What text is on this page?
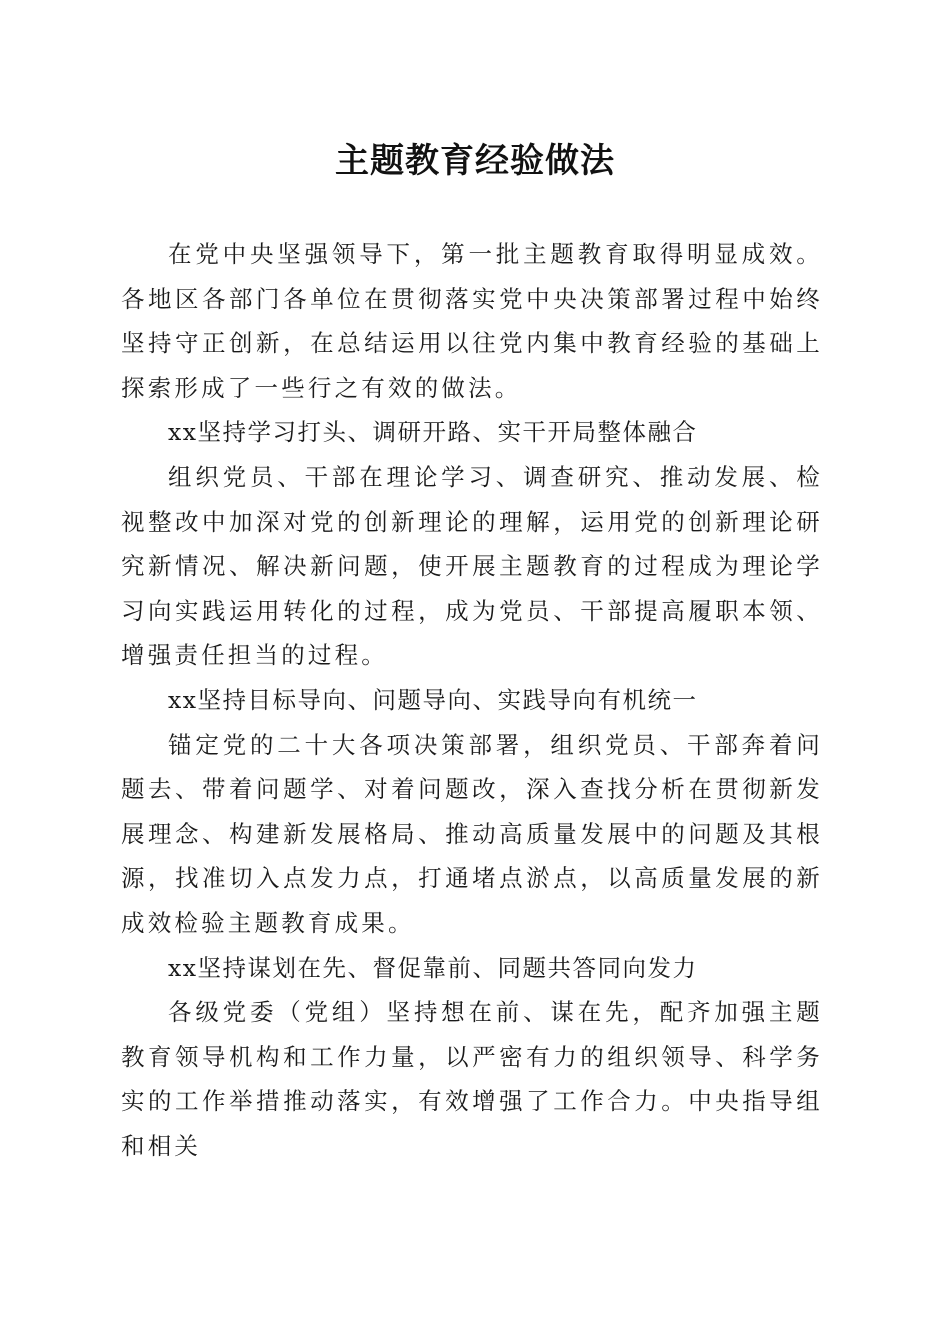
主题教育经验做法

在党中央坚强领导下，第一批主题教育取得明显成效。各地区各部门各单位在贯彻落实党中央决策部署过程中始终坚持守正创新，在总结运用以往党内集中教育经验的基础上探索形成了一些行之有效的做法。

xx坚持学习打头、调研开路、实干开局整体融合

组织党员、干部在理论学习、调查研究、推动发展、检视整改中加深对党的创新理论的理解，运用党的创新理论研究新情况、解决新问题，使开展主题教育的过程成为理论学习向实践运用转化的过程，成为党员、干部提高履职本领、增强责任担当的过程。

xx坚持目标导向、问题导向、实践导向有机统一

锚定党的二十大各项决策部署，组织党员、干部奔着问题去、带着问题学、对着问题改，深入查找分析在贯彻新发展理念、构建新发展格局、推动高质量发展中的问题及其根源，找准切入点发力点，打通堵点淤点，以高质量发展的新成效检验主题教育成果。

xx坚持谋划在先、督促靠前、同题共答同向发力

各级党委（党组）坚持想在前、谋在先，配齐加强主题教育领导机构和工作力量，以严密有力的组织领导、科学务实的工作举措推动落实，有效增强了工作合力。中央指导组和相关
